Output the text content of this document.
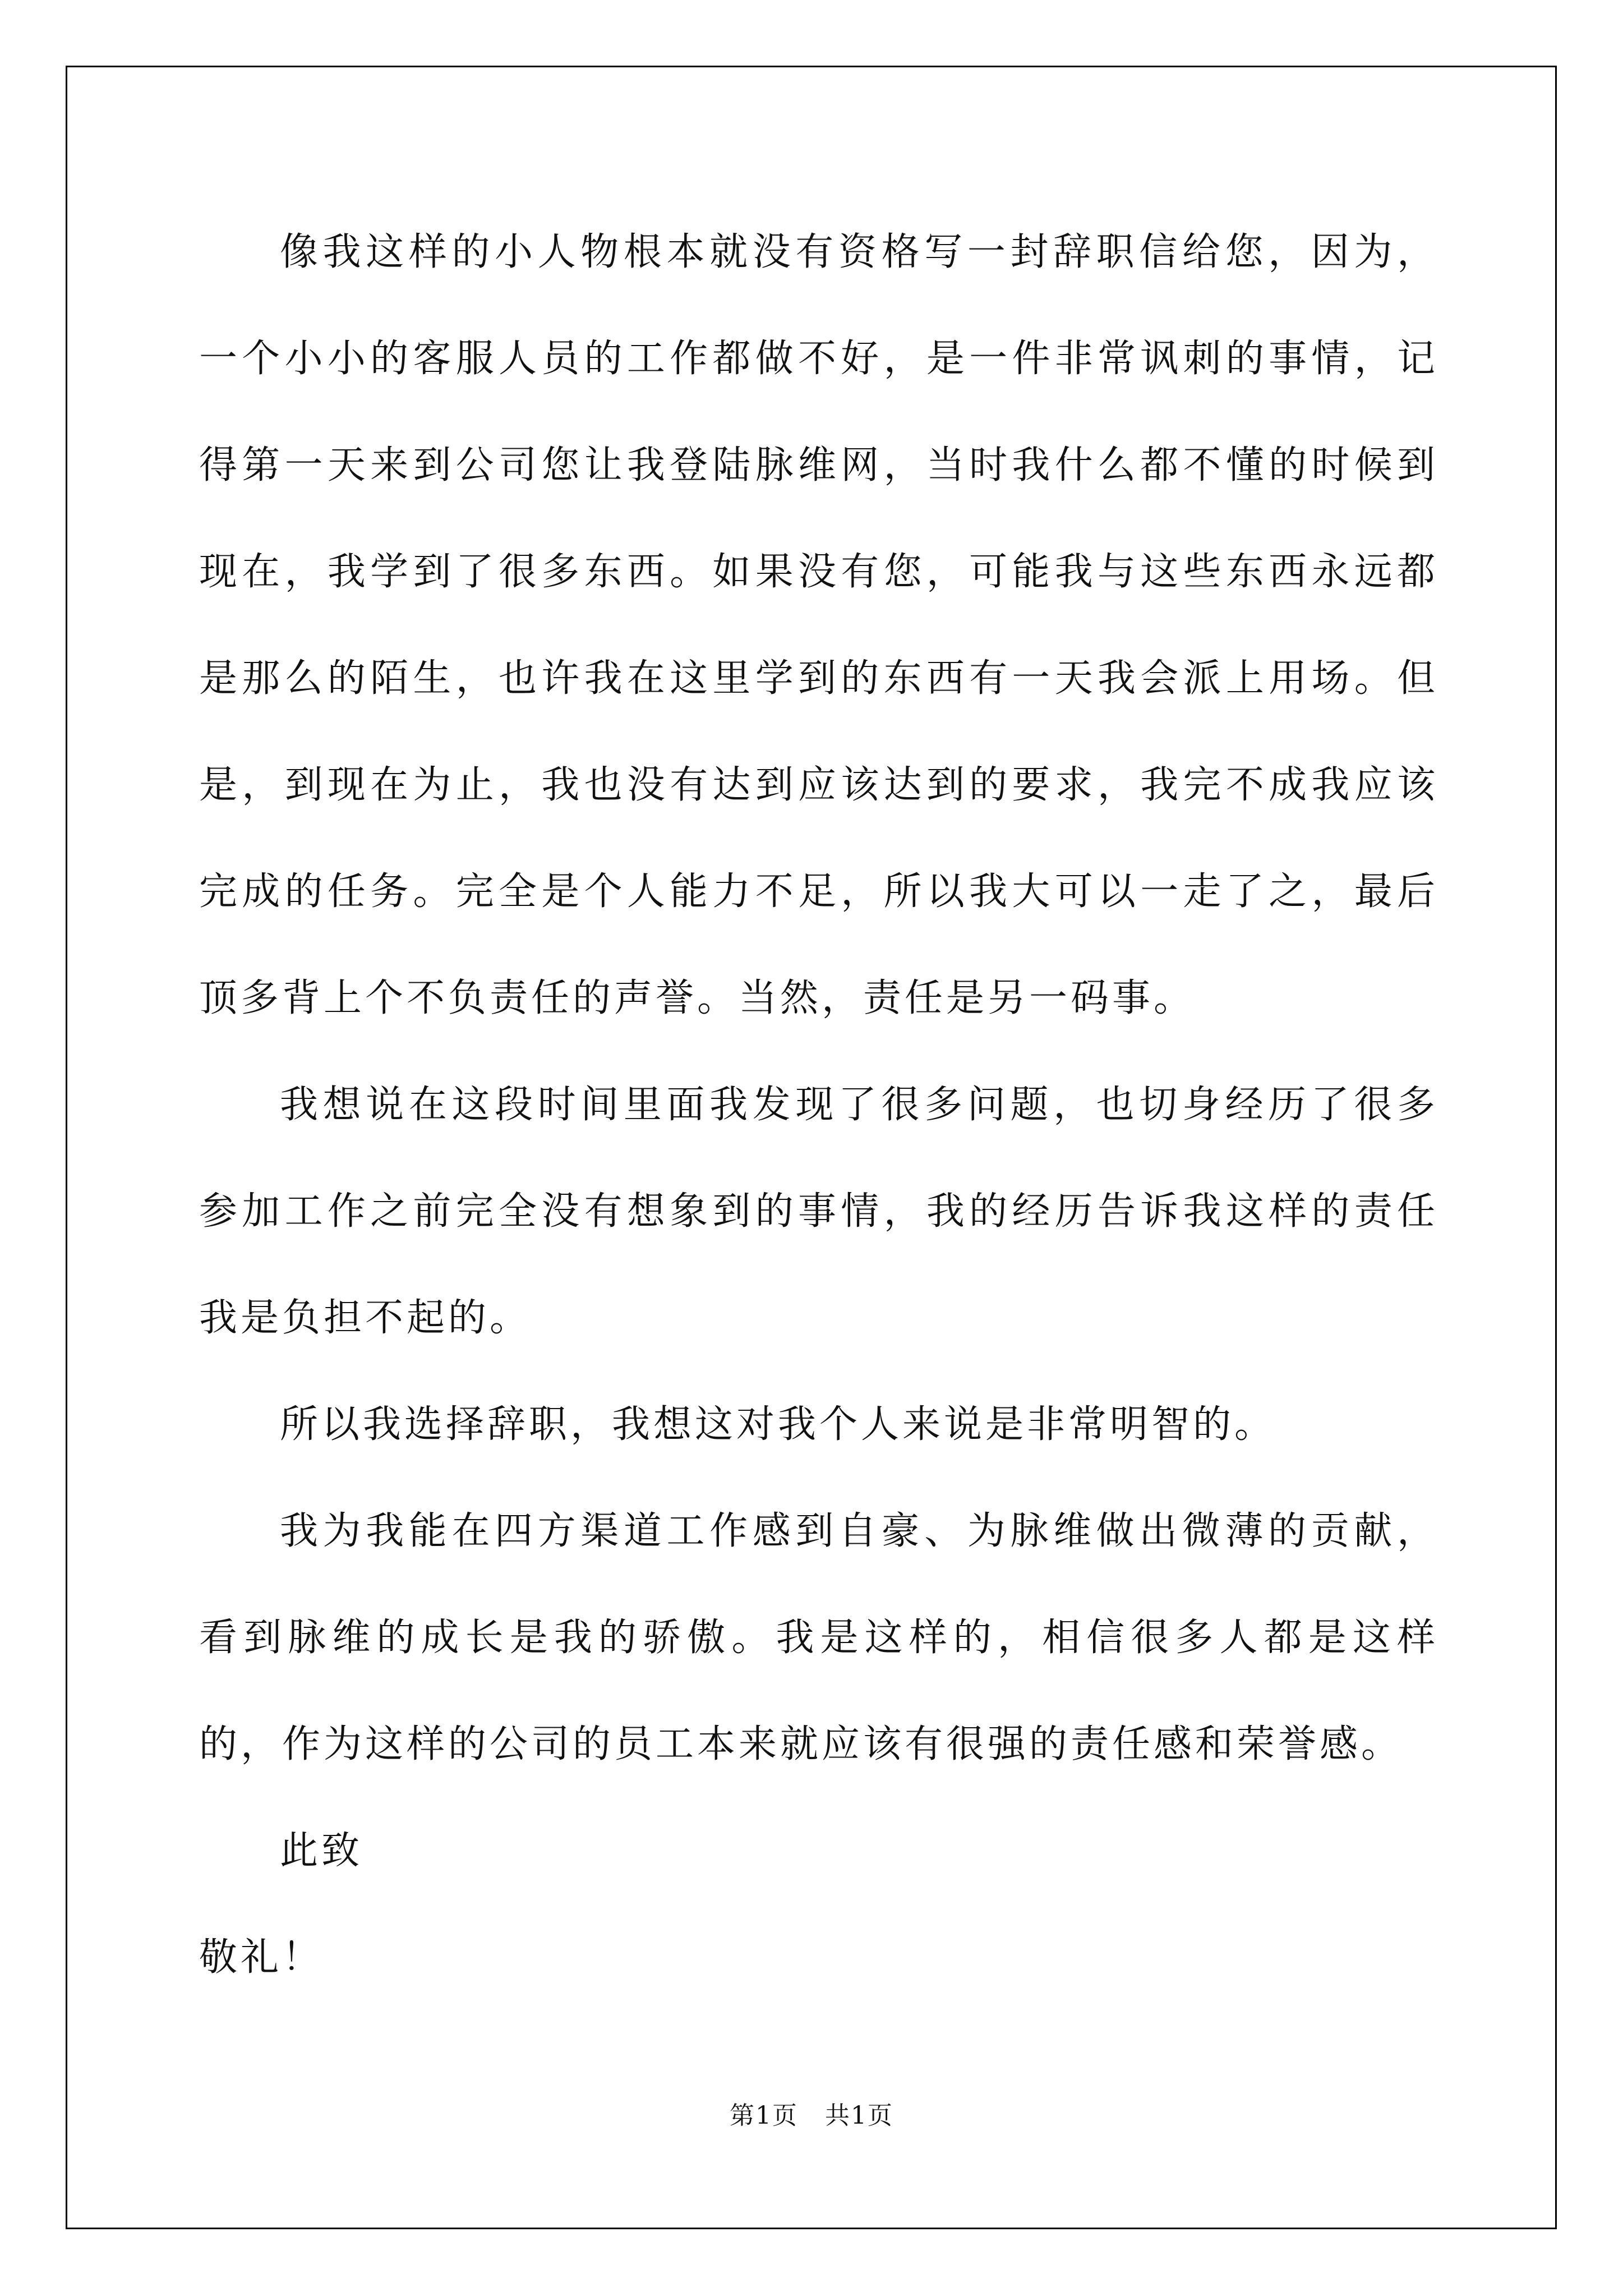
像我这样的小人物根本就没有资格写一封辞职信给您，因为，一个小小的客服人员的工作都做不好，是一件非常讽刺的事情，记得第一天来到公司您让我登陆脉维网，当时我什么都不懂的时候到现在，我学到了很多东西。如果没有您，可能我与这些东西永远都是那么的陌生，也许我在这里学到的东西有一天我会派上用场。但是，到现在为止，我也没有达到应该达到的要求，我完不成我应该完成的任务。完全是个人能力不足，所以我大可以一走了之，最后顶多背上个不负责任的声誉。当然，责任是另一码事。

我想说在这段时间里面我发现了很多问题，也切身经历了很多参加工作之前完全没有想象到的事情，我的经历告诉我这样的责任我是负担不起的。

所以我选择辞职，我想这对我个人来说是非常明智的。

我为我能在四方渠道工作感到自豪、为脉维做出微薄的贡献，看到脉维的成长是我的骄傲。我是这样的，相信很多人都是这样的，作为这样的公司的员工本来就应该有很强的责任感和荣誉感。

此致

敬礼！

第1页 共1页
